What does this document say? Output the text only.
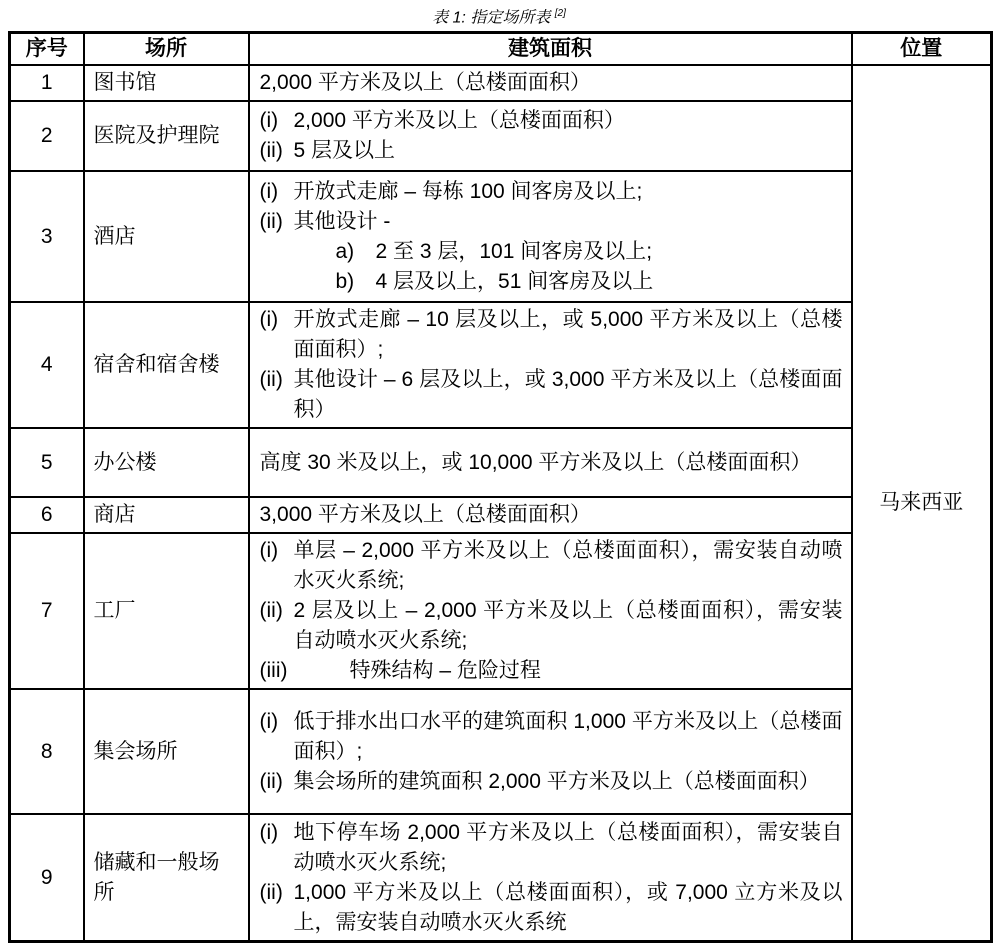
表 1: 指定场所表 [2]
序号	场所	建筑面积	位置
1	图书馆	2,000 平方米及以上（总楼面面积）	马来西亚
2	医院及护理院	(i) 2,000 平方米及以上（总楼面面积）
(ii) 5 层及以上	

3	酒店	
(i) 开放式走廊 – 每栋 100 间客房及以上;
(ii) 其他设计 -
a)	2 至 3 层，101 间客房及以上;
b)	4 层及以上，51 间客房及以上

4	宿舍和宿舍楼	(i) 开放式走廊 – 10 层及以上，或 5,000 平方米及以上（总楼面面积）;
(ii) 其他设计 – 6 层及以上，或 3,000 平方米及以上（总楼面面积）	

5	办公楼	高度 30 米及以上，或 10,000 平方米及以上（总楼面面积）	

6	商店	3,000 平方米及以上（总楼面面积）	

7	工厂	
(i) 单层 – 2,000 平方米及以上（总楼面面积），需安装自动喷水灭火系统;
(ii) 2 层及以上 – 2,000 平方米及以上（总楼面面积），需安装自动喷水灭火系统;
(iii)	特殊结构 – 危险过程

8	集会场所	(i) 低于排水出口水平的建筑面积 1,000 平方米及以上（总楼面面积）;
(ii) 集会场所的建筑面积 2,000 平方米及以上（总楼面面积）	

9	储藏和一般场所	(i) 地下停车场 2,000 平方米及以上（总楼面面积），需安装自动喷水灭火系统;
(ii) 1,000 平方米及以上（总楼面面积），或 7,000 立方米及以上，需安装自动喷水灭火系统	
